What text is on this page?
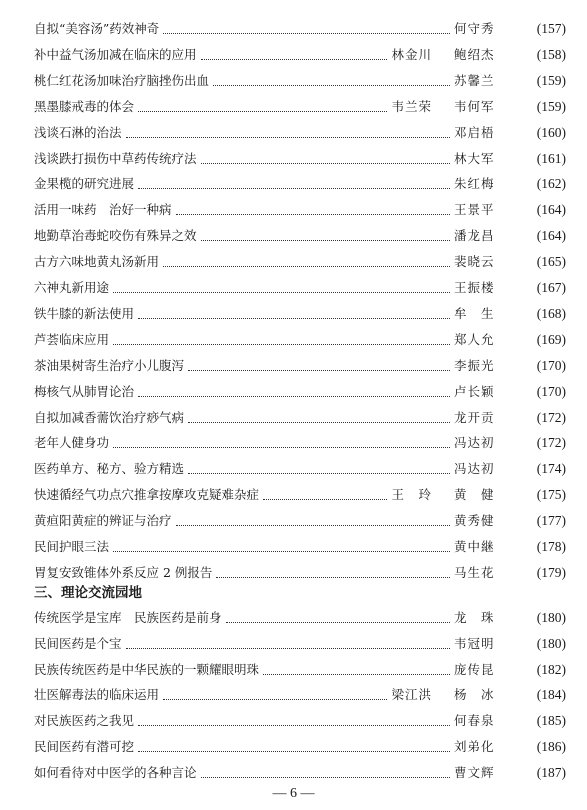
自拟“美容汤”药效神奇	何守秀	(157)
补中益气汤加减在临床的应用	林金川 鲍绍杰	(158)
桃仁红花汤加味治疗脑挫伤出血	苏馨兰	(159)
黑墨膝戒毒的体会	韦兰荣 韦何军	(159)
浅谈石淋的治法	邓启梧	(160)
浅谈跌打损伤中草药传统疗法	林大军	(161)
金果榄的研究进展	朱红梅	(162)
活用一味药　治好一种病	王景平	(164)
地勤草治毒蛇咬伤有殊异之效	潘龙昌	(164)
古方六味地黄丸汤新用	裴晓云	(165)
六神丸新用途	王振楼	(167)
铁牛膝的新法使用	牟　生	(168)
芦荟临床应用	郑人允	(169)
茶油果树寄生治疗小儿腹泻	李振光	(170)
梅核气从肺胃论治	卢长颖	(170)
自拟加减香薷饮治疗痧气病	龙开贡	(172)
老年人健身功	冯达初	(172)
医药单方、秘方、验方精选	冯达初	(174)
快速循经气功点穴推拿按摩攻克疑难杂症	王　玲 黄　健	(175)
黄疸阳黄症的辨证与治疗	黄秀健	(177)
民间护眼三法	黄中継	(178)
胃复安致锥体外系反应 2 例报告	马生花	(179)
传统医学是宝库　民族医药是前身	龙　珠	(180)
民间医药是个宝	韦冠明	(180)
民族传统医药是中华民族的一颗耀眼明珠	庞传昆	(182)
壮医解毒法的临床运用	梁江洪 杨　冰	(184)
对民族医药之我见	何春泉	(185)
民间医药有潜可挖	刘弟化	(186)
如何看待对中医学的各种言论	曹文辉	(187)
三、理论交流园地
— 6 —
